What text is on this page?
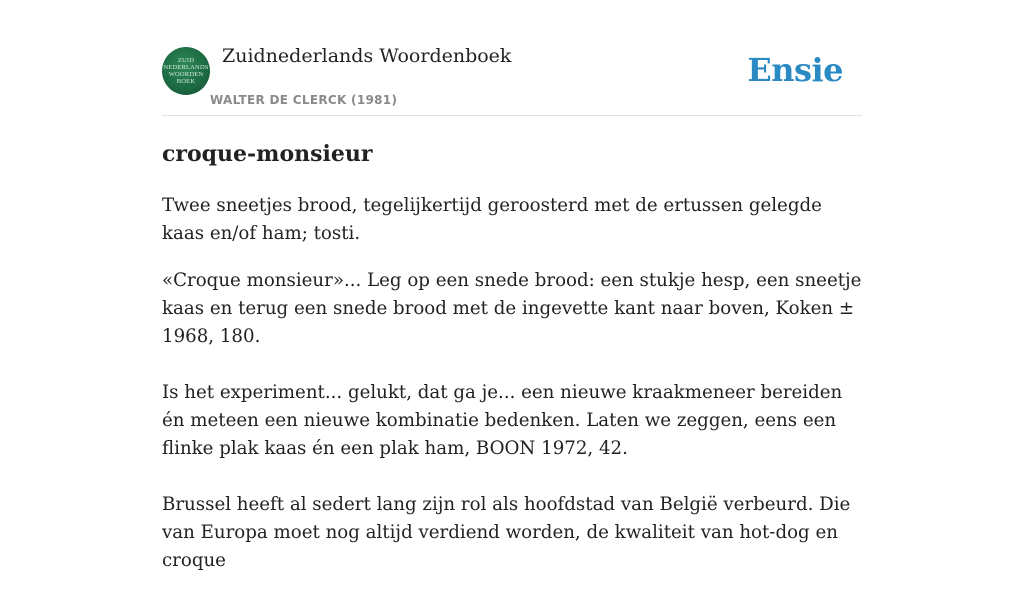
ZUID
NEDERLANDS
WOORDEN
BOEK
Zuidnederlands Woordenboek
WALTER DE CLERCK (1981)
Ensie
croque-monsieur

Twee sneetjes brood, tegelijkertijd geroosterd met de ertussen gelegde kaas en/of ham; tosti.

«Croque monsieur»... Leg op een snede brood: een stukje hesp, een sneetje kaas en terug een snede brood met de ingevette kant naar boven, Koken ± 1968, 180.

Is het experiment... gelukt, dat ga je... een nieuwe kraakmeneer bereiden én meteen een nieuwe kombinatie bedenken. Laten we zeggen, eens een flinke plak kaas én een plak ham, BOON 1972, 42.

Brussel heeft al sedert lang zijn rol als hoofdstad van België verbeurd. Die van Europa moet nog altijd verdiend worden, de kwaliteit van hot-dog en croque
